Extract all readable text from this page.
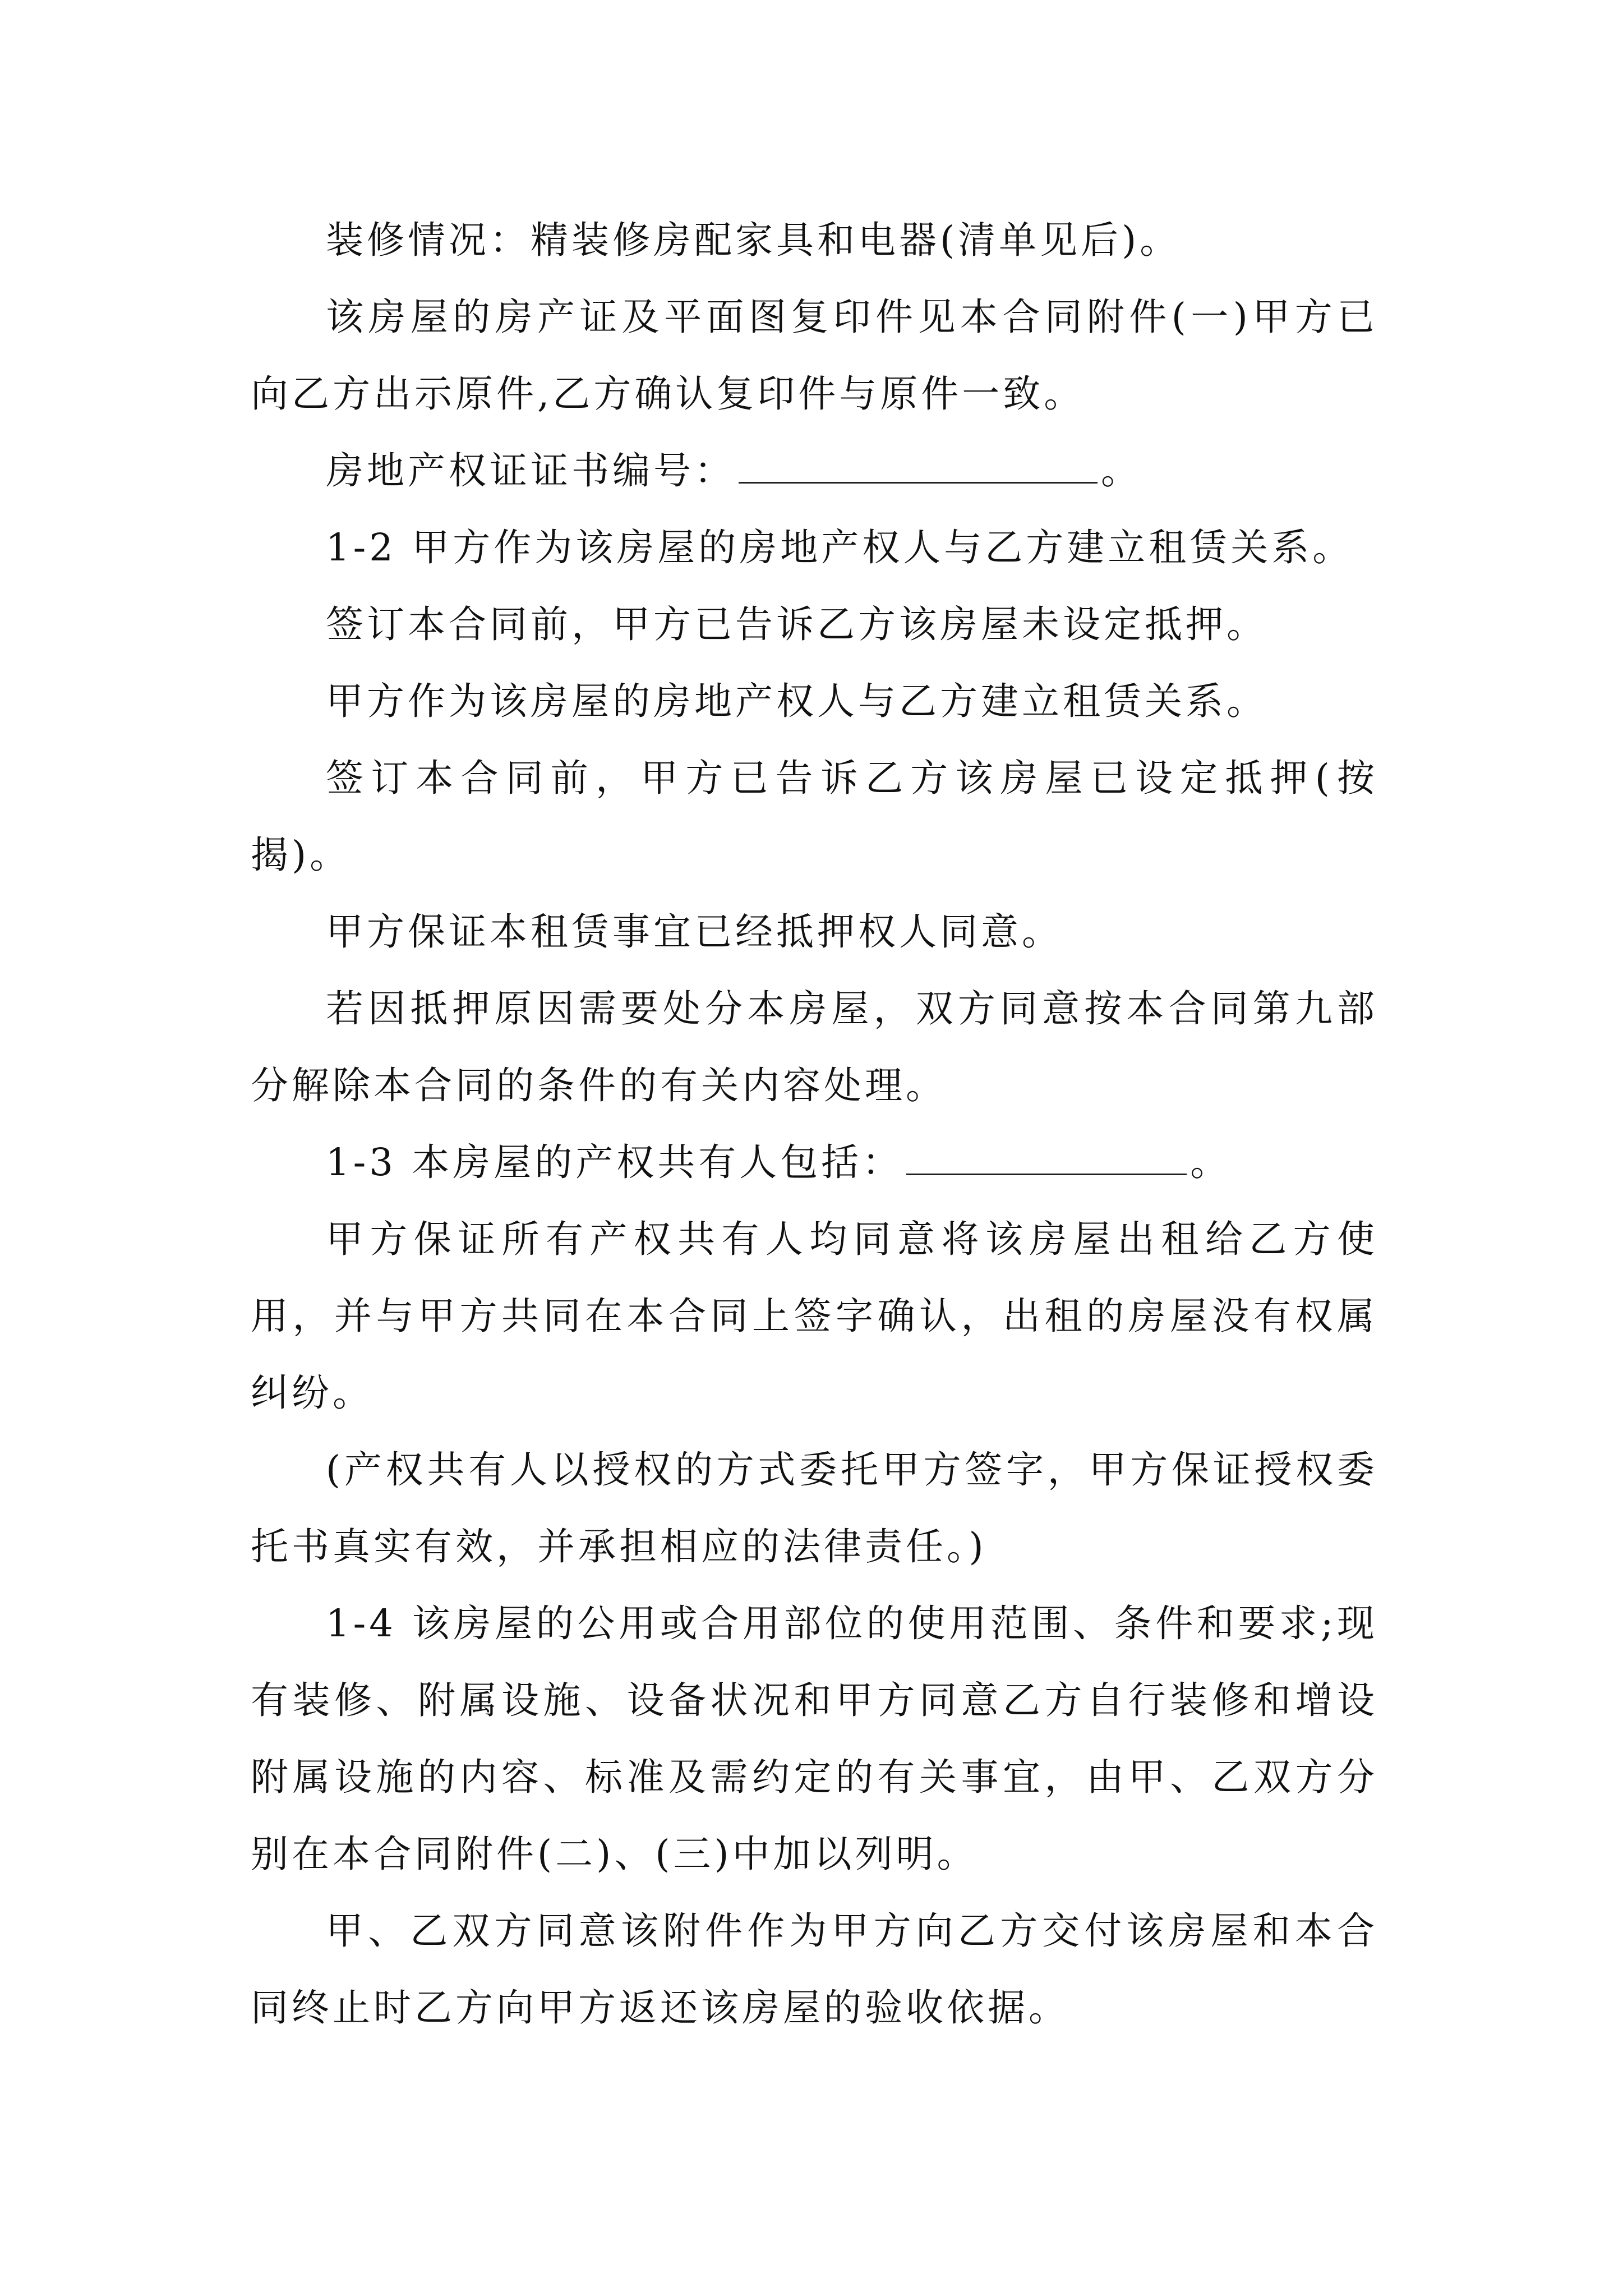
装修情况：精装修房配家具和电器(清单见后)。

该房屋的房产证及平面图复印件见本合同附件(一)甲方已向乙方出示原件,乙方确认复印件与原件一致。

房地产权证证书编号：	。

1-2 甲方作为该房屋的房地产权人与乙方建立租赁关系。

签订本合同前，甲方已告诉乙方该房屋未设定抵押。

甲方作为该房屋的房地产权人与乙方建立租赁关系。

签订本合同前，甲方已告诉乙方该房屋已设定抵押(按揭)。

甲方保证本租赁事宜已经抵押权人同意。

若因抵押原因需要处分本房屋，双方同意按本合同第九部分解除本合同的条件的有关内容处理。

1-3 本房屋的产权共有人包括：	。

甲方保证所有产权共有人均同意将该房屋出租给乙方使用，并与甲方共同在本合同上签字确认，出租的房屋没有权属纠纷。

(产权共有人以授权的方式委托甲方签字，甲方保证授权委托书真实有效，并承担相应的法律责任。)

1-4 该房屋的公用或合用部位的使用范围、条件和要求;现有装修、附属设施、设备状况和甲方同意乙方自行装修和增设附属设施的内容、标准及需约定的有关事宜，由甲、乙双方分别在本合同附件(二)、(三)中加以列明。

甲、乙双方同意该附件作为甲方向乙方交付该房屋和本合同终止时乙方向甲方返还该房屋的验收依据。
